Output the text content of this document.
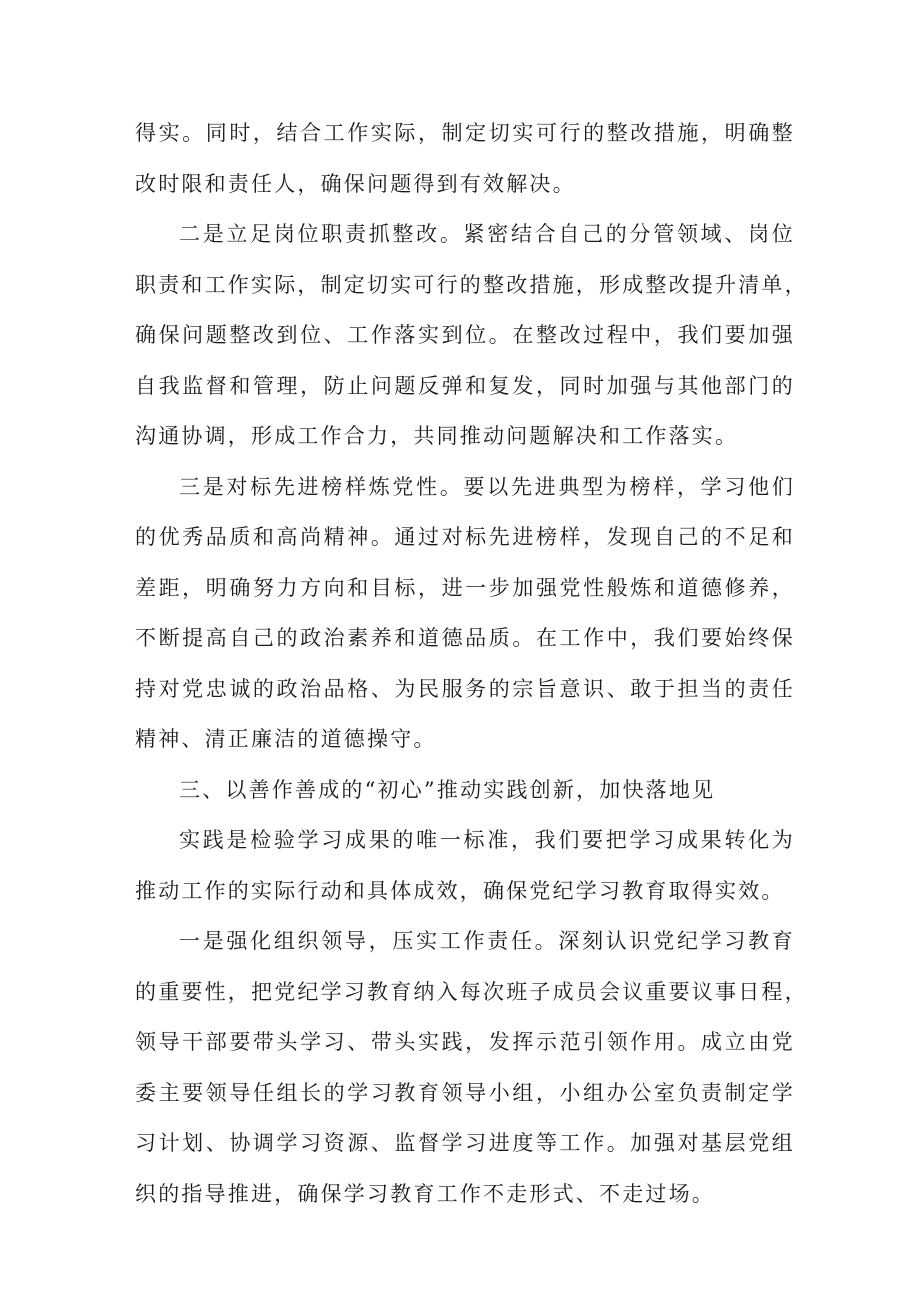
得实。同时，结合工作实际，制定切实可行的整改措施，明确整
改时限和责任人，确保问题得到有效解决。
二是立足岗位职责抓整改。紧密结合自己的分管领域、岗位
职责和工作实际，制定切实可行的整改措施，形成整改提升清单，
确保问题整改到位、工作落实到位。在整改过程中，我们要加强
自我监督和管理，防止问题反弹和复发，同时加强与其他部门的
沟通协调，形成工作合力，共同推动问题解决和工作落实。
三是对标先进榜样炼党性。要以先进典型为榜样，学习他们
的优秀品质和高尚精神。通过对标先进榜样，发现自己的不足和
差距，明确努力方向和目标，进一步加强党性般炼和道德修养，
不断提高自己的政治素养和道德品质。在工作中，我们要始终保
持对党忠诚的政治品格、为民服务的宗旨意识、敢于担当的责任
精神、清正廉洁的道德操守。
三、以善作善成的“初心”推动实践创新，加快落地见
实践是检验学习成果的唯一标准，我们要把学习成果转化为
推动工作的实际行动和具体成效，确保党纪学习教育取得实效。
一是强化组织领导，压实工作责任。深刻认识党纪学习教育
的重要性，把党纪学习教育纳入每次班子成员会议重要议事日程，
领导干部要带头学习、带头实践，发挥示范引领作用。成立由党
委主要领导任组长的学习教育领导小组，小组办公室负责制定学
习计划、协调学习资源、监督学习进度等工作。加强对基层党组
织的指导推进，确保学习教育工作不走形式、不走过场。
